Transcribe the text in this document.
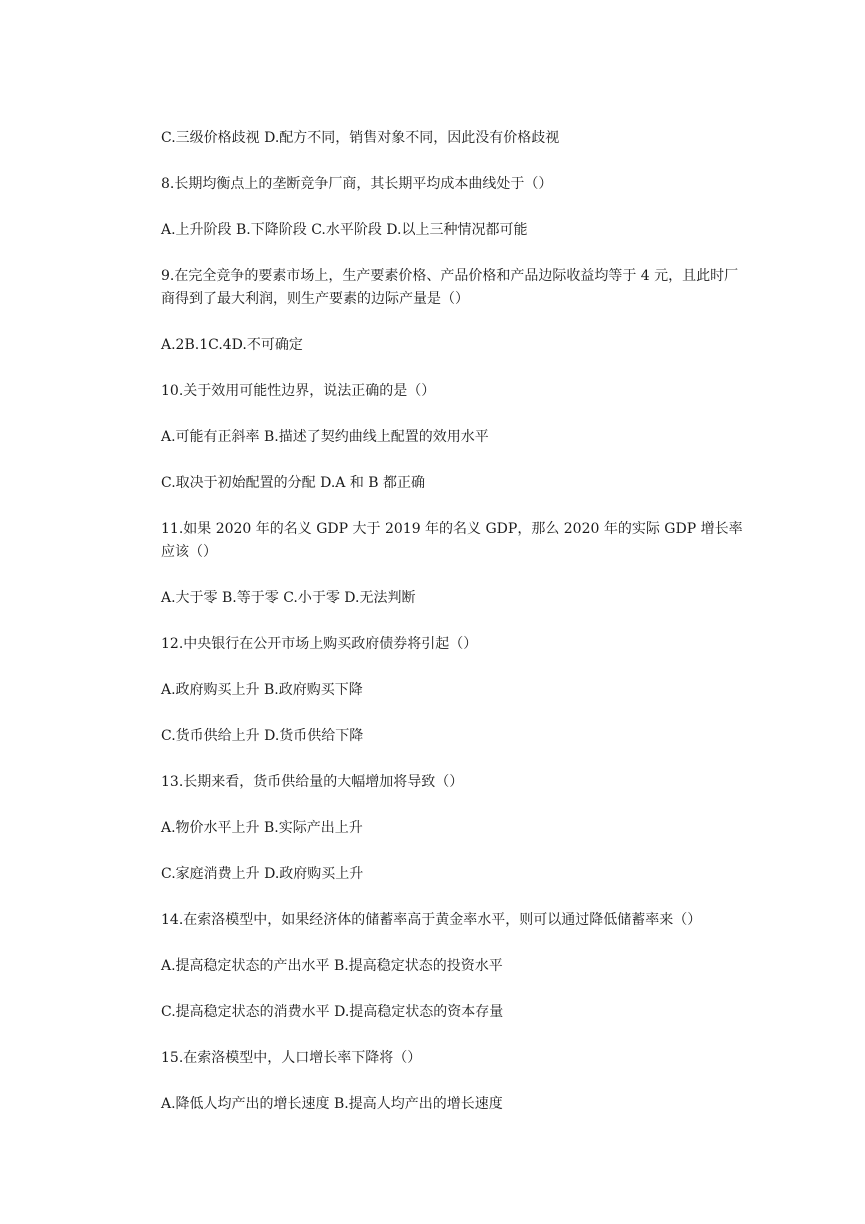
C.三级价格歧视 D.配方不同，销售对象不同，因此没有价格歧视

8.长期均衡点上的垄断竞争厂商，其长期平均成本曲线处于（）

A.上升阶段 B.下降阶段 C.水平阶段 D.以上三种情况都可能

9.在完全竞争的要素市场上，生产要素价格、产品价格和产品边际收益均等于 4 元，且此时厂商得到了最大利润，则生产要素的边际产量是（）

A.2B.1C.4D.不可确定

10.关于效用可能性边界，说法正确的是（）

A.可能有正斜率 B.描述了契约曲线上配置的效用水平

C.取决于初始配置的分配 D.A 和 B 都正确

11.如果 2020 年的名义 GDP 大于 2019 年的名义 GDP，那么 2020 年的实际 GDP 增长率应该（）

A.大于零 B.等于零 C.小于零 D.无法判断

12.中央银行在公开市场上购买政府债券将引起（）

A.政府购买上升 B.政府购买下降

C.货币供给上升 D.货币供给下降

13.长期来看，货币供给量的大幅增加将导致（）

A.物价水平上升 B.实际产出上升

C.家庭消费上升 D.政府购买上升

14.在索洛模型中，如果经济体的储蓄率高于黄金率水平，则可以通过降低储蓄率来（）

A.提高稳定状态的产出水平 B.提高稳定状态的投资水平

C.提高稳定状态的消费水平 D.提高稳定状态的资本存量

15.在索洛模型中，人口增长率下降将（）

A.降低人均产出的增长速度 B.提高人均产出的增长速度
